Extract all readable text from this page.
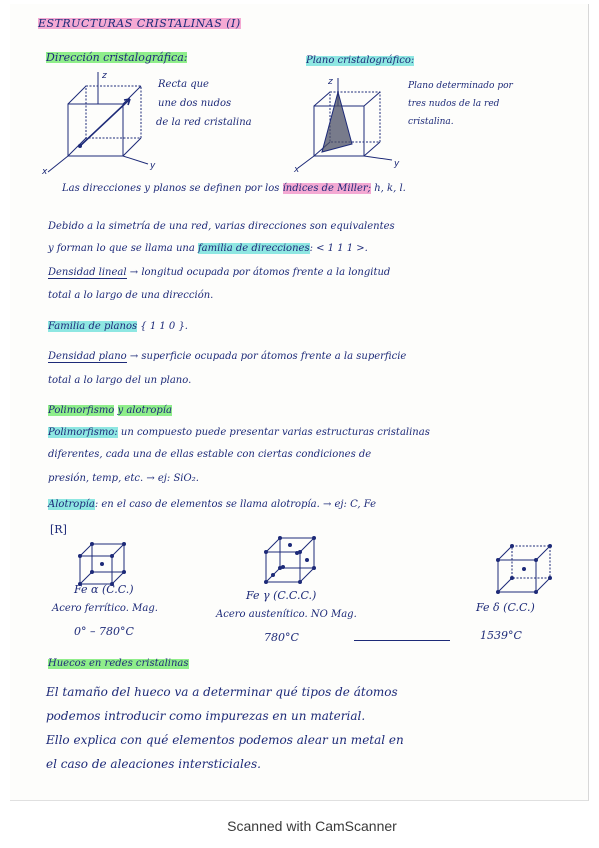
ESTRUCTURAS CRISTALINAS (I)
Dirección cristalográfica:
z
x
y
Recta que
une dos nudos
de la red cristalina
Plano cristalográfico:
z
x
y
Plano determinado por
tres nudos de la red
cristalina.
Las direcciones y planos se definen por los índices de Miller; h, k, l.
Debido a la simetría de una red, varias direcciones son equivalentes
y forman lo que se llama una familia de direcciones: < 1 1 1 >.
Densidad lineal → longitud ocupada por átomos frente a la longitud
total a lo largo de una dirección.
Familia de planos { 1 1 0 }.
Densidad plano → superficie ocupada por átomos frente a la superficie
total a lo largo del un plano.
Polimorfismo y alotropía
Polimorfismo: un compuesto puede presentar varias estructuras cristalinas
diferentes, cada una de ellas estable con ciertas condiciones de
presión, temp, etc. → ej: SiO₂.
Alotropía: en el caso de elementos se llama alotropía. → ej: C, Fe
[R]
Fe α (C.C.)
Acero ferrítico. Mag.
0° – 780°C
Fe γ (C.C.C.)
Acero austenítico. NO Mag.
780°C
Fe δ (C.C.)
1539°C
Huecos en redes cristalinas
El tamaño del hueco va a determinar qué tipos de átomos
podemos introducir como impurezas en un material.
Ello explica con qué elementos podemos alear un metal en
el caso de aleaciones intersticiales.
Scanned with CamScanner
